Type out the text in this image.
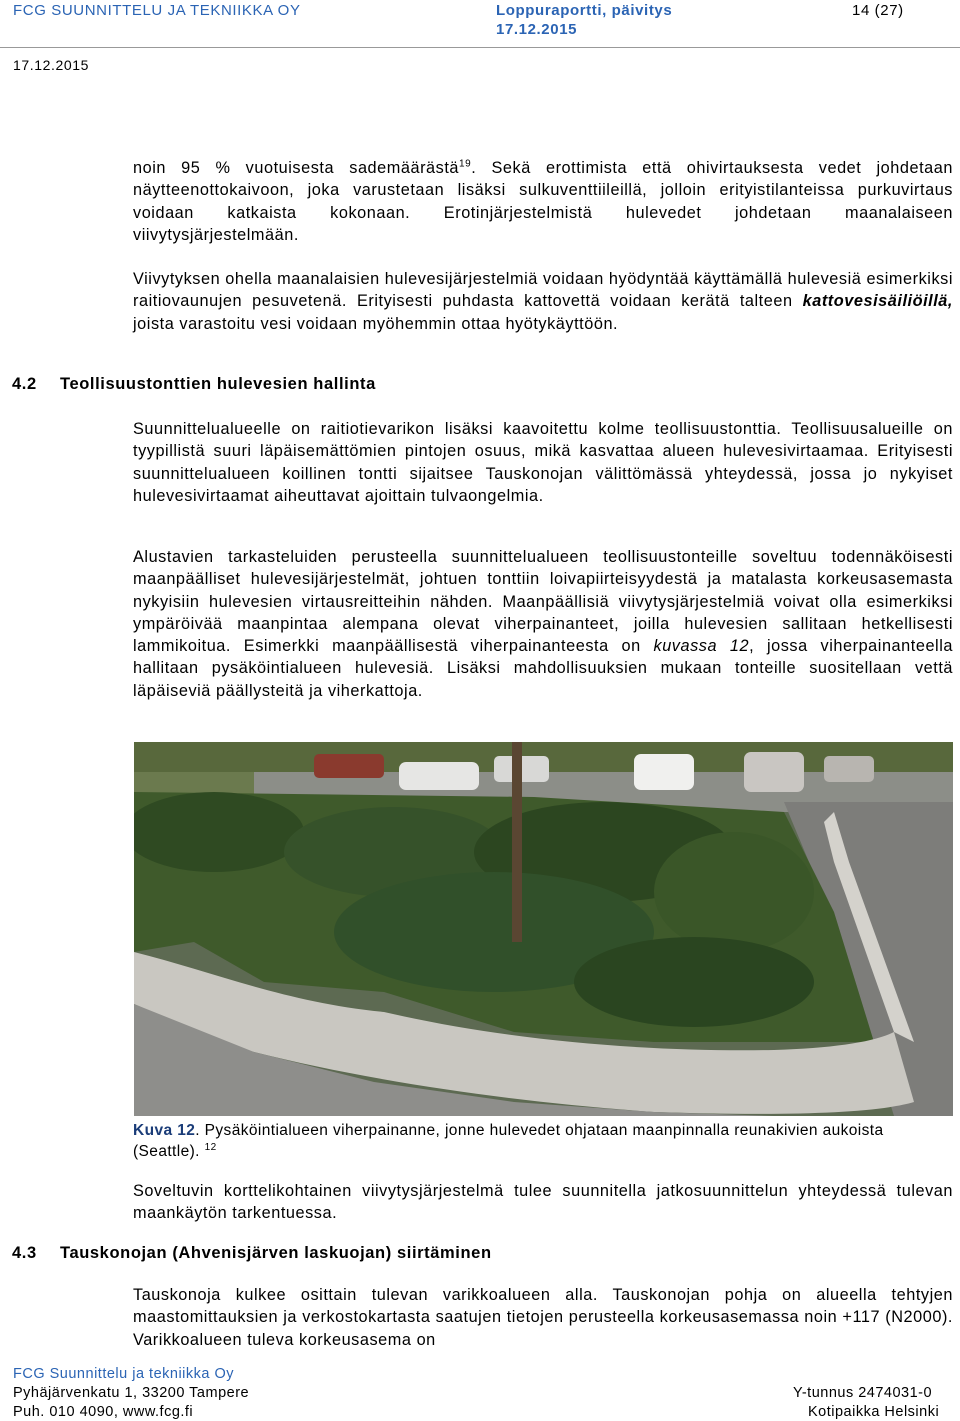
FCG SUUNNITTELU JA TEKNIIKKA OY	Loppuraportti, päivitys
17.12.2015
14 (27)
17.12.2015

noin 95 % vuotuisesta sademäärästä$^{19}$. Sekä erottimista että ohivirtauksesta vedet johdetaan näytteenottokaivoon, joka varustetaan lisäksi sulkuventtiileillä, jolloin erityistilanteissa purkuvirtaus voidaan katkaista kokonaan. Erotinjärjestelmistä hulevedet johdetaan maanalaiseen viivytysjärjestelmään.

Viivytyksen ohella maanalaisien hulevesijärjestelmiä voidaan hyödyntää käyttämällä hulevesiä esimerkiksi raitiovaunujen pesuvetenä. Erityisesti puhdasta kattovettä voidaan kerätä talteen kattovesisäiliöillä, joista varastoitu vesi voidaan myöhemmin ottaa hyötykäyttöön.

4.2 Teollisuustonttien hulevesien hallinta

Suunnittelualueelle on raitiotievarikon lisäksi kaavoitettu kolme teollisuustonttia. Teollisuusalueille on tyypillistä suuri läpäisemättömien pintojen osuus, mikä kasvattaa alueen hulevesivirtaamaa. Erityisesti suunnittelualueen koillinen tontti sijaitsee Tauskonojan välittömässä yhteydessä, jossa jo nykyiset hulevesivirtaamat aiheuttavat ajoittain tulvaongelmia.

Alustavien tarkasteluiden perusteella suunnittelualueen teollisuustonteille soveltuu todennäköisesti maanpäälliset hulevesijärjestelmät, johtuen tonttiin loivapiirteisyydestä ja matalasta korkeusasemasta nykyisiin hulevesien virtausreitteihin nähden. Maanpäällisiä viivytysjärjestelmiä voivat olla esimerkiksi ympäröivää maanpintaa alempana olevat viherpainanteet, joilla hulevesien sallitaan hetkellisesti lammikoitua. Esimerkki maanpäällisestä viherpainanteesta on kuvassa 12, jossa viherpainanteella hallitaan pysäköintialueen hulevesiä. Lisäksi mahdollisuuksien mukaan tonteille suositellaan vettä läpäiseviä päällysteitä ja viherkattoja.

Kuva 12. Pysäköintialueen viherpainanne, jonne hulevedet ohjataan maanpinnalla reunakivien aukoista (Seattle). $^{12}$

Soveltuvin korttelikohtainen viivytysjärjestelmä tulee suunnitella jatkosuunnittelun yhteydessä tulevan maankäytön tarkentuessa.

4.3 Tauskonojan (Ahvenisjärven laskuojan) siirtäminen

Tauskonoja kulkee osittain tulevan varikkoalueen alla. Tauskonojan pohja on alueella tehtyjen maastomittauksien ja verkostokartasta saatujen tietojen perusteella korkeusasemassa noin +117 (N2000). Varikkoalueen tuleva korkeusasema on

FCG Suunnittelu ja tekniikka Oy
Pyhäjärvenkatu 1, 33200 Tampere
Puh. 010 4090, www.fcg.fi
Y-tunnus 2474031-0
Kotipaikka Helsinki
